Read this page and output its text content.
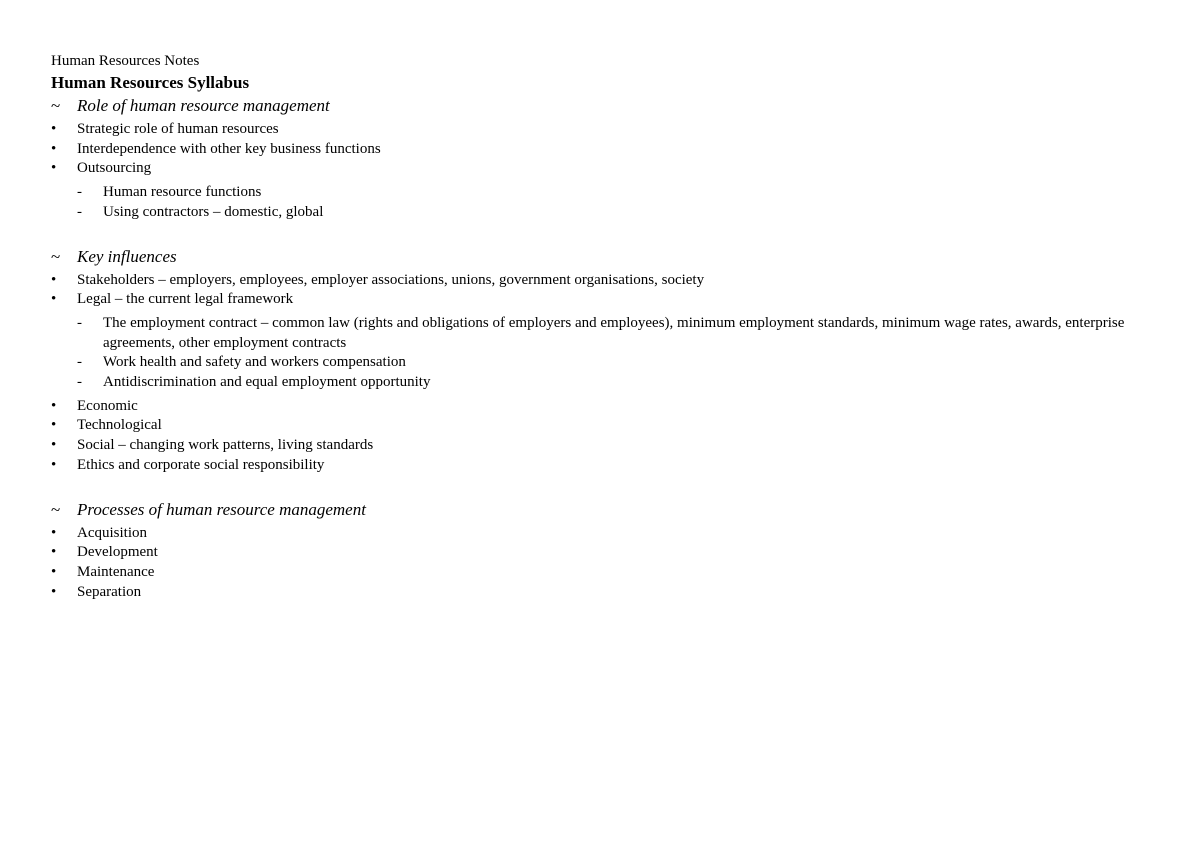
Human Resources Notes

Human Resources Syllabus

~ Role of human resource management
•	Strategic role of human resources
•	Interdependence with other key business functions
•	Outsourcing
-	Human resource functions
-	Using contractors – domestic, global
~ Key influences
•	Stakeholders – employers, employees, employer associations, unions, government organisations, society
•	Legal – the current legal framework
-	The employment contract – common law (rights and obligations of employers and employees), minimum employment standards, minimum wage rates, awards, enterprise agreements, other employment contracts
-	Work health and safety and workers compensation
-	Antidiscrimination and equal employment opportunity
•	Economic
•	Technological
•	Social – changing work patterns, living standards
•	Ethics and corporate social responsibility
~ Processes of human resource management
•	Acquisition
•	Development
•	Maintenance
•	Separation
